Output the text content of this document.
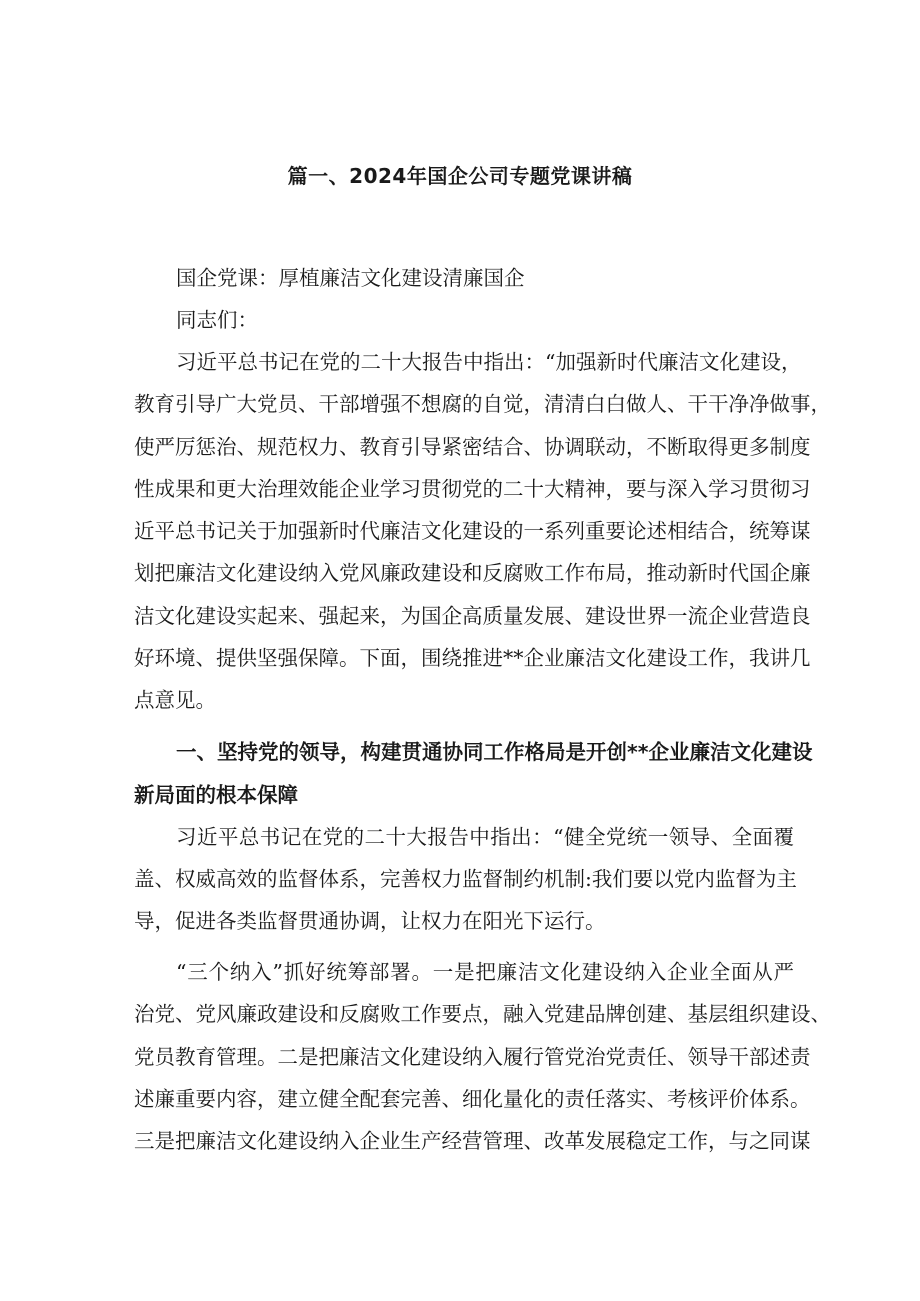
篇一、2024年国企公司专题党课讲稿
国企党课：厚植廉洁文化建设清廉国企
同志们：
习近平总书记在党的二十大报告中指出：“加强新时代廉洁文化建设，
教育引导广大党员、干部增强不想腐的自觉，清清白白做人、干干净净做事，
使严厉惩治、规范权力、教育引导紧密结合、协调联动，不断取得更多制度
性成果和更大治理效能企业学习贯彻党的二十大精神，要与深入学习贯彻习
近平总书记关于加强新时代廉洁文化建设的一系列重要论述相结合，统筹谋
划把廉洁文化建设纳入党风廉政建设和反腐败工作布局，推动新时代国企廉
洁文化建设实起来、强起来，为国企高质量发展、建设世界一流企业营造良
好环境、提供坚强保障。下面，围绕推进**企业廉洁文化建设工作，我讲几
点意见。
一、坚持党的领导，构建贯通协同工作格局是开创**企业廉洁文化建设
新局面的根本保障
习近平总书记在党的二十大报告中指出：“健全党统一领导、全面覆
盖、权威高效的监督体系，完善权力监督制约机制:我们要以党内监督为主
导，促进各类监督贯通协调，让权力在阳光下运行。
“三个纳入”抓好统筹部署。一是把廉洁文化建设纳入企业全面从严
治党、党风廉政建设和反腐败工作要点，融入党建品牌创建、基层组织建设、
党员教育管理。二是把廉洁文化建设纳入履行管党治党责任、领导干部述责
述廉重要内容，建立健全配套完善、细化量化的责任落实、考核评价体系。
三是把廉洁文化建设纳入企业生产经营管理、改革发展稳定工作，与之同谋
